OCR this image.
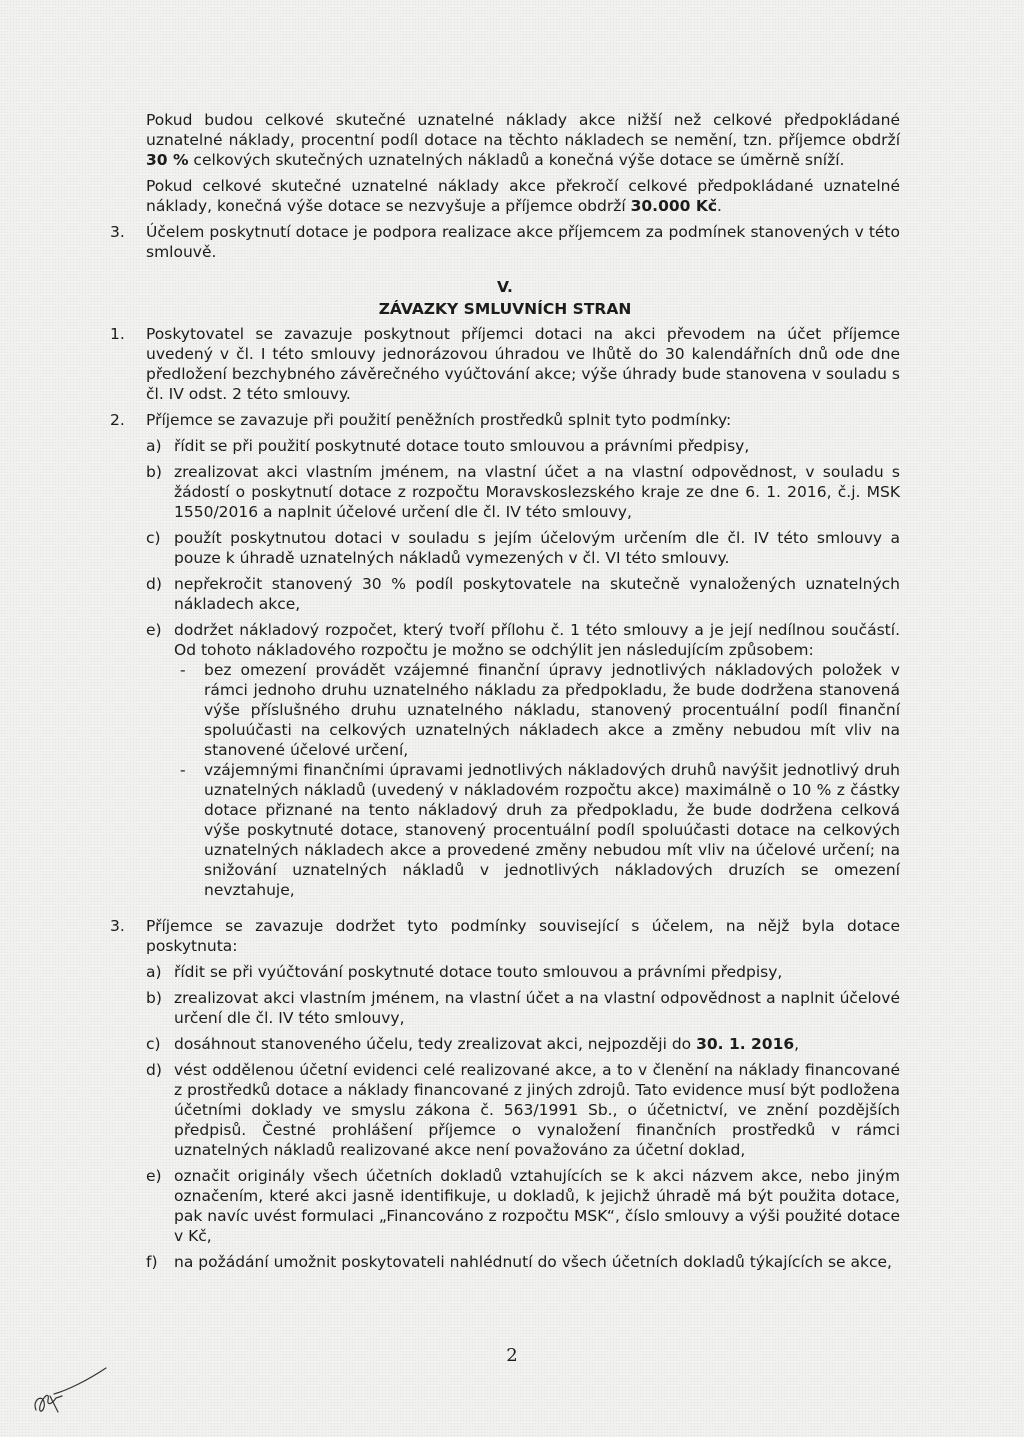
Pokud budou celkové skutečné uznatelné náklady akce nižší než celkové předpokládané uznatelné náklady, procentní podíl dotace na těchto nákladech se nemění, tzn. příjemce obdrží 30 % celkových skutečných uznatelných nákladů a konečná výše dotace se úměrně sníží.

Pokud celkové skutečné uznatelné náklady akce překročí celkové předpokládané uznatelné náklady, konečná výše dotace se nezvyšuje a příjemce obdrží 30.000 Kč.

3.	Účelem poskytnutí dotace je podpora realizace akce příjemcem za podmínek stanovených v této smlouvě.
V.
ZÁVAZKY SMLUVNÍCH STRAN
1.	Poskytovatel se zavazuje poskytnout příjemci dotaci na akci převodem na účet příjemce uvedený v čl. I této smlouvy jednorázovou úhradou ve lhůtě do 30 kalendářních dnů ode dne předložení bezchybného závěrečného vyúčtování akce; výše úhrady bude stanovena v souladu s čl. IV odst. 2 této smlouvy.
2.	Příjemce se zavazuje při použití peněžních prostředků splnit tyto podmínky:
a) řídit se při použití poskytnuté dotace touto smlouvou a právními předpisy,
b) zrealizovat akci vlastním jménem, na vlastní účet a na vlastní odpovědnost, v souladu s žádostí o poskytnutí dotace z rozpočtu Moravskoslezského kraje ze dne 6. 1. 2016, č.j. MSK 1550/2016 a naplnit účelové určení dle čl. IV této smlouvy,
c) použít poskytnutou dotaci v souladu s jejím účelovým určením dle čl. IV této smlouvy a pouze k úhradě uznatelných nákladů vymezených v čl. VI této smlouvy.
d) nepřekročit stanovený 30 % podíl poskytovatele na skutečně vynaložených uznatelných nákladech akce,
e) dodržet nákladový rozpočet, který tvoří přílohu č. 1 této smlouvy a je její nedílnou součástí. Od tohoto nákladového rozpočtu je možno se odchýlit jen následujícím způsobem:
-	bez omezení provádět vzájemné finanční úpravy jednotlivých nákladových položek v rámci jednoho druhu uznatelného nákladu za předpokladu, že bude dodržena stanovená výše příslušného druhu uznatelného nákladu, stanovený procentuální podíl finanční spoluúčasti na celkových uznatelných nákladech akce a změny nebudou mít vliv na stanovené účelové určení,
-	vzájemnými finančními úpravami jednotlivých nákladových druhů navýšit jednotlivý druh uznatelných nákladů (uvedený v nákladovém rozpočtu akce) maximálně o 10 % z částky dotace přiznané na tento nákladový druh za předpokladu, že bude dodržena celková výše poskytnuté dotace, stanovený procentuální podíl spoluúčasti dotace na celkových uznatelných nákladech akce a provedené změny nebudou mít vliv na účelové určení; na snižování uznatelných nákladů v jednotlivých nákladových druzích se omezení nevztahuje,
3.	Příjemce se zavazuje dodržet tyto podmínky související s účelem, na nějž byla dotace poskytnuta:
a) řídit se při vyúčtování poskytnuté dotace touto smlouvou a právními předpisy,
b) zrealizovat akci vlastním jménem, na vlastní účet a na vlastní odpovědnost a naplnit účelové určení dle čl. IV této smlouvy,
c) dosáhnout stanoveného účelu, tedy zrealizovat akci, nejpozději do 30. 1. 2016,
d) vést oddělenou účetní evidenci celé realizované akce, a to v členění na náklady financované z prostředků dotace a náklady financované z jiných zdrojů. Tato evidence musí být podložena účetními doklady ve smyslu zákona č. 563/1991 Sb., o účetnictví, ve znění pozdějších předpisů. Čestné prohlášení příjemce o vynaložení finančních prostředků v rámci uznatelných nákladů realizované akce není považováno za účetní doklad,
e) označit originály všech účetních dokladů vztahujících se k akci názvem akce, nebo jiným označením, které akci jasně identifikuje, u dokladů, k jejichž úhradě má být použita dotace, pak navíc uvést formulaci „Financováno z rozpočtu MSK“, číslo smlouvy a výši použité dotace v Kč,
f)	na požádání umožnit poskytovateli nahlédnutí do všech účetních dokladů týkajících se akce,
2
